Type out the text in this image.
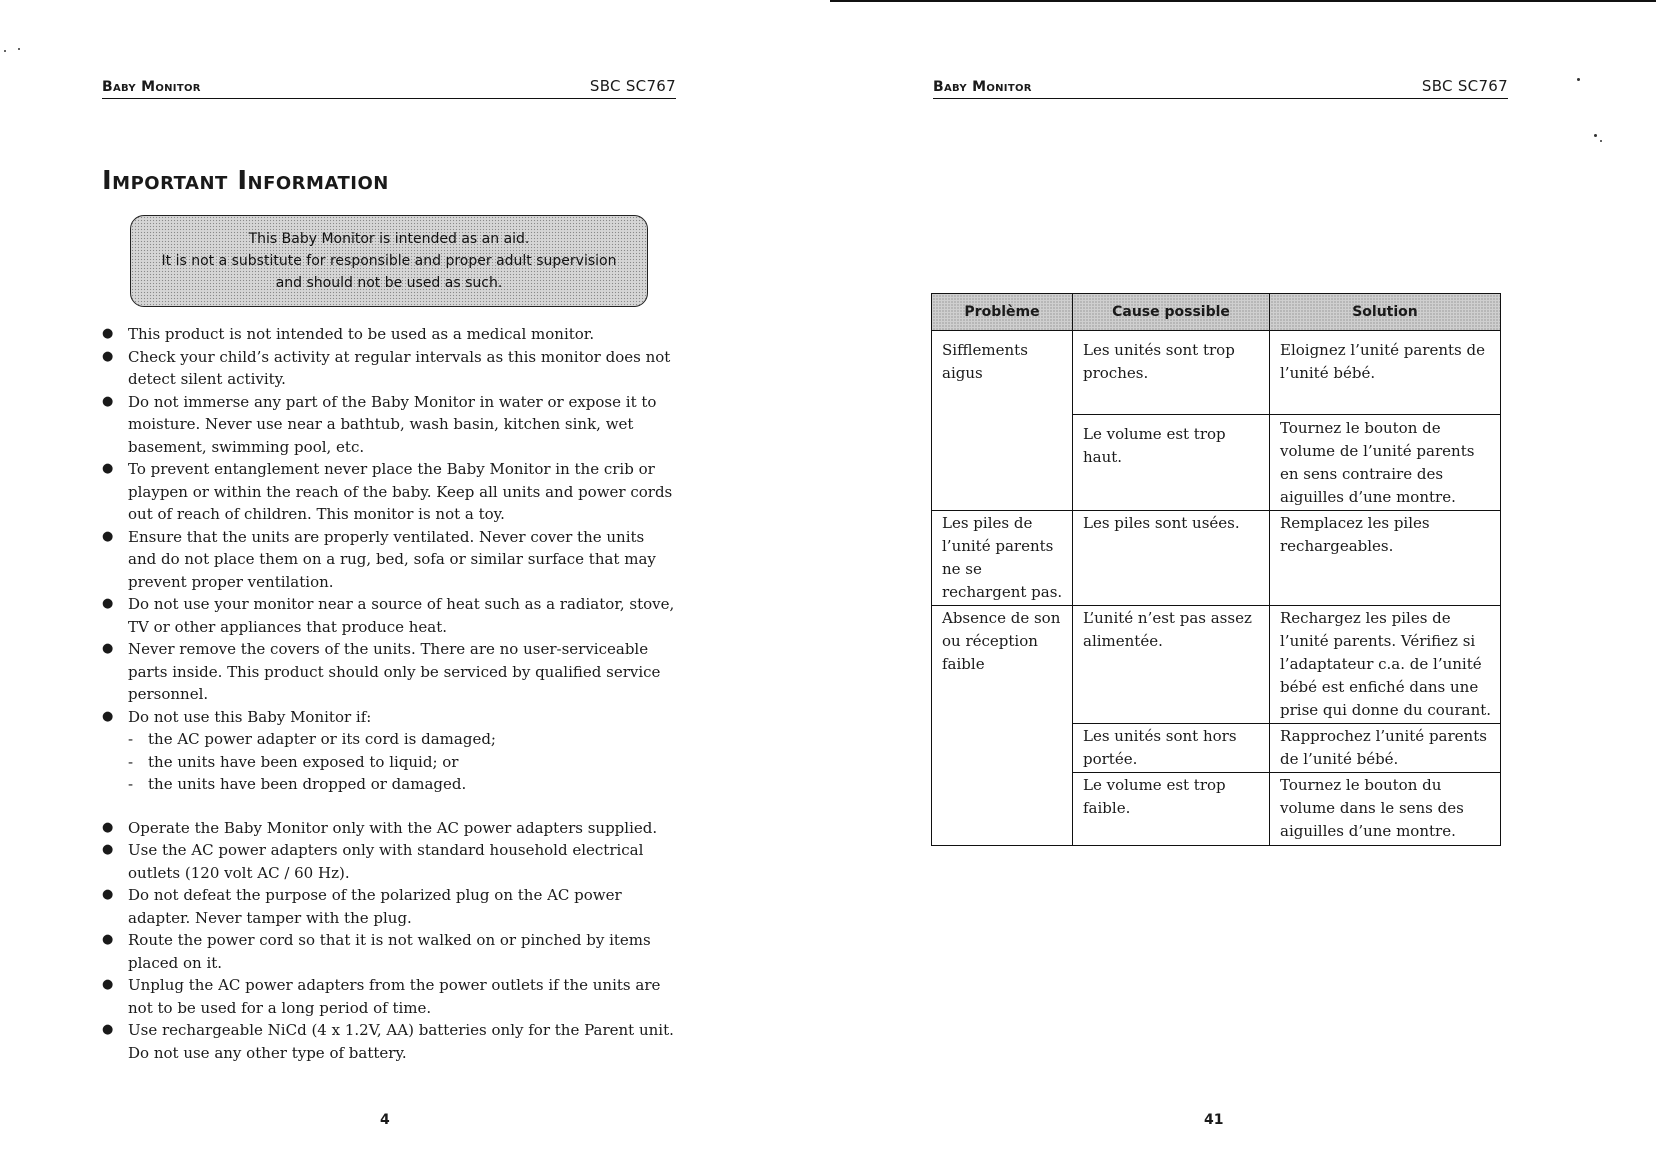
Baby Monitor	SBC SC767
Important Information
This Baby Monitor is intended as an aid.
It is not a substitute for responsible and proper adult supervision
and should not be used as such.
● This product is not intended to be used as a medical monitor.
● Check your child’s activity at regular intervals as this monitor does not detect silent activity.
● Do not immerse any part of the Baby Monitor in water or expose it to moisture. Never use near a bathtub, wash basin, kitchen sink, wet basement, swimming pool, etc.
● To prevent entanglement never place the Baby Monitor in the crib or playpen or within the reach of the baby. Keep all units and power cords out of reach of children. This monitor is not a toy.
● Ensure that the units are properly ventilated. Never cover the units and do not place them on a rug, bed, sofa or similar surface that may prevent proper ventilation.
● Do not use your monitor near a source of heat such as a radiator, stove, TV or other appliances that produce heat.
● Never remove the covers of the units. There are no user-serviceable parts inside. This product should only be serviced by qualified service personnel.
● Do not use this Baby Monitor if:
- the AC power adapter or its cord is damaged;
- the units have been exposed to liquid; or
- the units have been dropped or damaged.
● Operate the Baby Monitor only with the AC power adapters supplied.
● Use the AC power adapters only with standard household electrical outlets (120 volt AC / 60 Hz).
● Do not defeat the purpose of the polarized plug on the AC power adapter. Never tamper with the plug.
● Route the power cord so that it is not walked on or pinched by items placed on it.
● Unplug the AC power adapters from the power outlets if the units are not to be used for a long period of time.
● Use rechargeable NiCd (4 x 1.2V, AA) batteries only for the Parent unit. Do not use any other type of battery.
4
Baby Monitor	SBC SC767
Problème	Cause possible	Solution
Sifflements aigus	Les unités sont trop proches.	Eloignez l’unité parents de l’unité bébé.
	Le volume est trop haut.	Tournez le bouton de volume de l’unité parents en sens contraire des aiguilles d’une montre.
Les piles de l’unité parents ne se rechargent pas.	Les piles sont usées.	Remplacez les piles rechargeables.
Absence de son ou réception faible	L’unité n’est pas assez alimentée.	Rechargez les piles de l’unité parents. Vérifiez si l’adaptateur c.a. de l’unité bébé est enfiché dans une prise qui donne du courant.
	Les unités sont hors portée.	Rapprochez l’unité parents de l’unité bébé.
	Le volume est trop faible.	Tournez le bouton du volume dans le sens des aiguilles d’une montre.
41
